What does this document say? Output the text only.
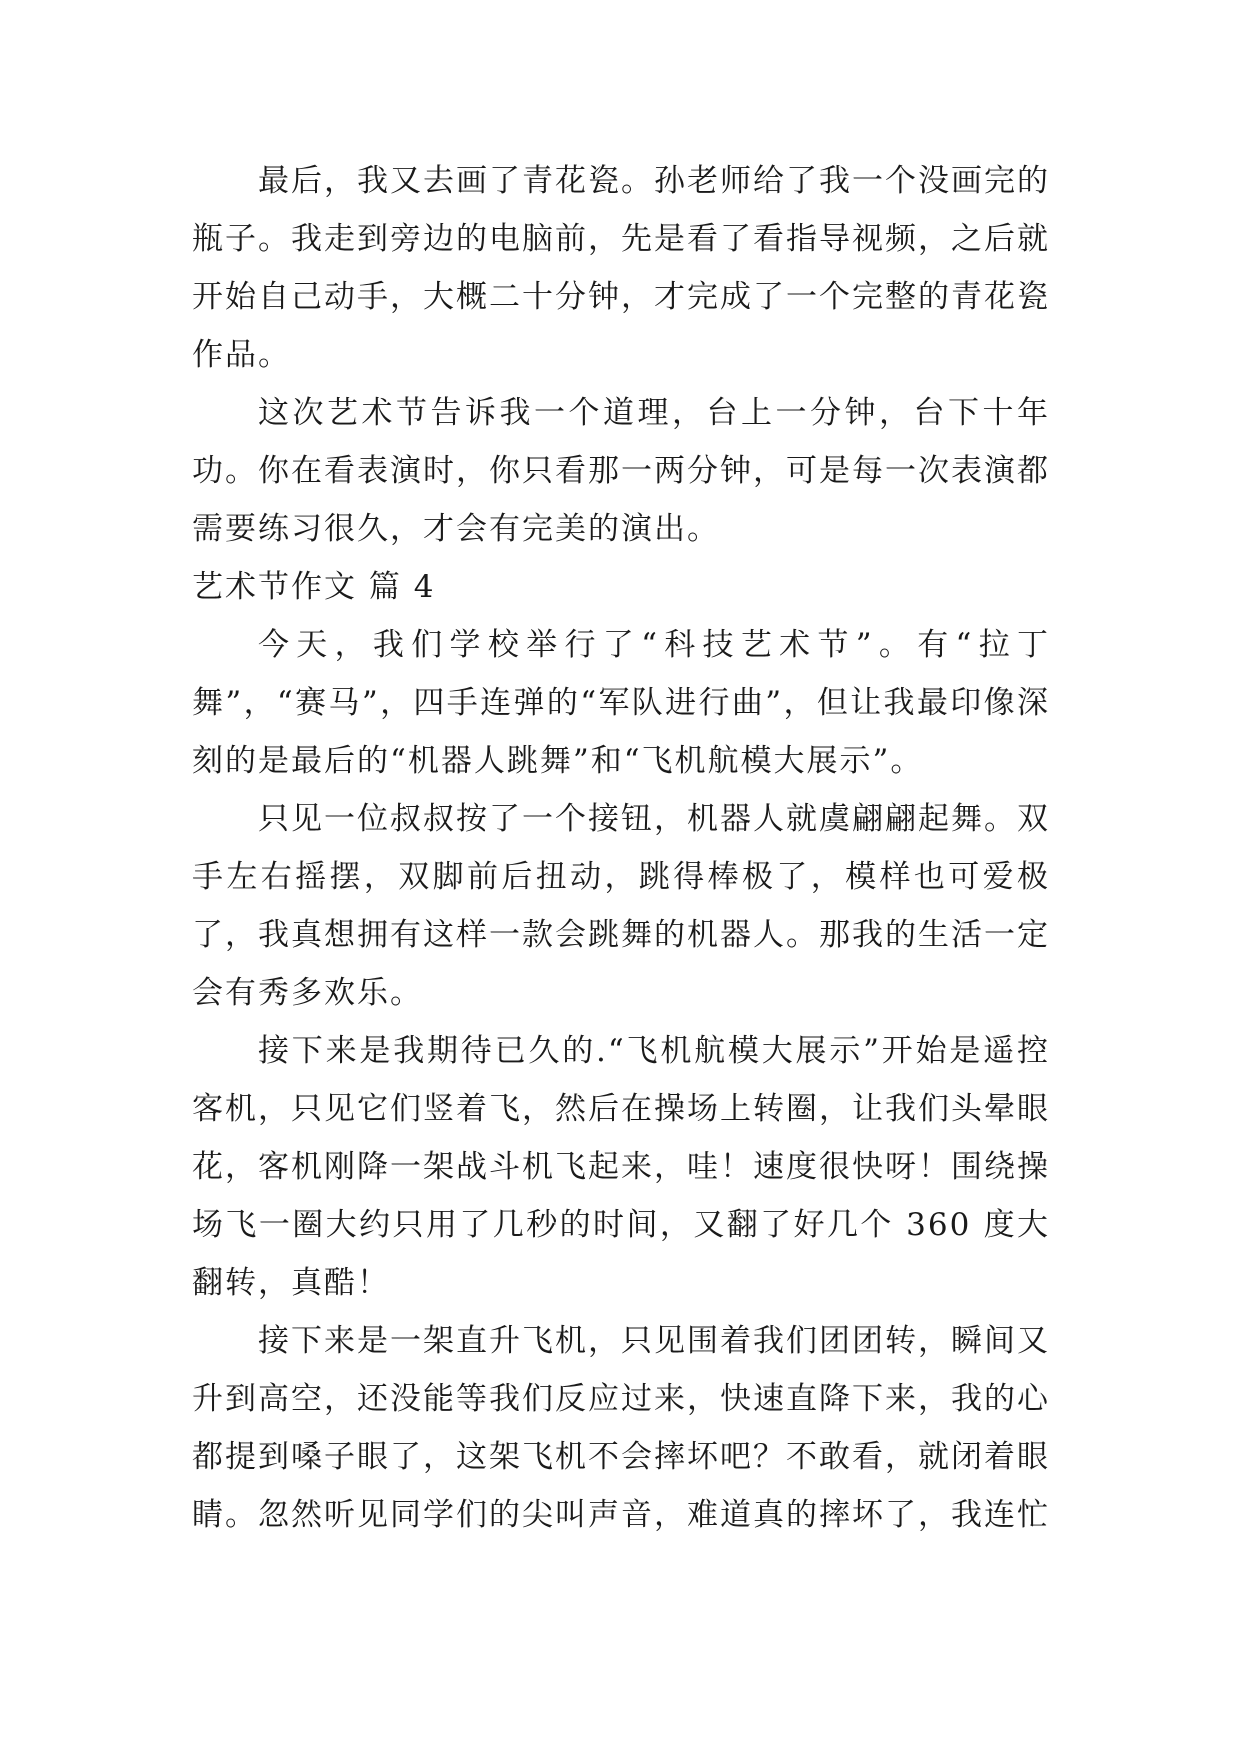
最后，我又去画了青花瓷。孙老师给了我一个没画完的瓶子。我走到旁边的电脑前，先是看了看指导视频，之后就开始自己动手，大概二十分钟，才完成了一个完整的青花瓷作品。

这次艺术节告诉我一个道理，台上一分钟，台下十年功。你在看表演时，你只看那一两分钟，可是每一次表演都需要练习很久，才会有完美的演出。

艺术节作文 篇 4

今天，我们学校举行了“科技艺术节”。有“拉丁舞”，“赛马”，四手连弹的“军队进行曲”，但让我最印像深刻的是最后的“机器人跳舞”和“飞机航模大展示”。

只见一位叔叔按了一个接钮，机器人就虞翩翩起舞。双手左右摇摆，双脚前后扭动，跳得棒极了，模样也可爱极了，我真想拥有这样一款会跳舞的机器人。那我的生活一定会有秀多欢乐。

接下来是我期待已久的.“飞机航模大展示”开始是遥控客机，只见它们竖着飞，然后在操场上转圈，让我们头晕眼花，客机刚降一架战斗机飞起来，哇！速度很快呀！围绕操场飞一圈大约只用了几秒的时间，又翻了好几个 360 度大翻转，真酷！

接下来是一架直升飞机，只见围着我们团团转，瞬间又升到高空，还没能等我们反应过来，快速直降下来，我的心都提到嗓子眼了，这架飞机不会摔坏吧？不敢看，就闭着眼睛。忽然听见同学们的尖叫声音，难道真的摔坏了，我连忙
